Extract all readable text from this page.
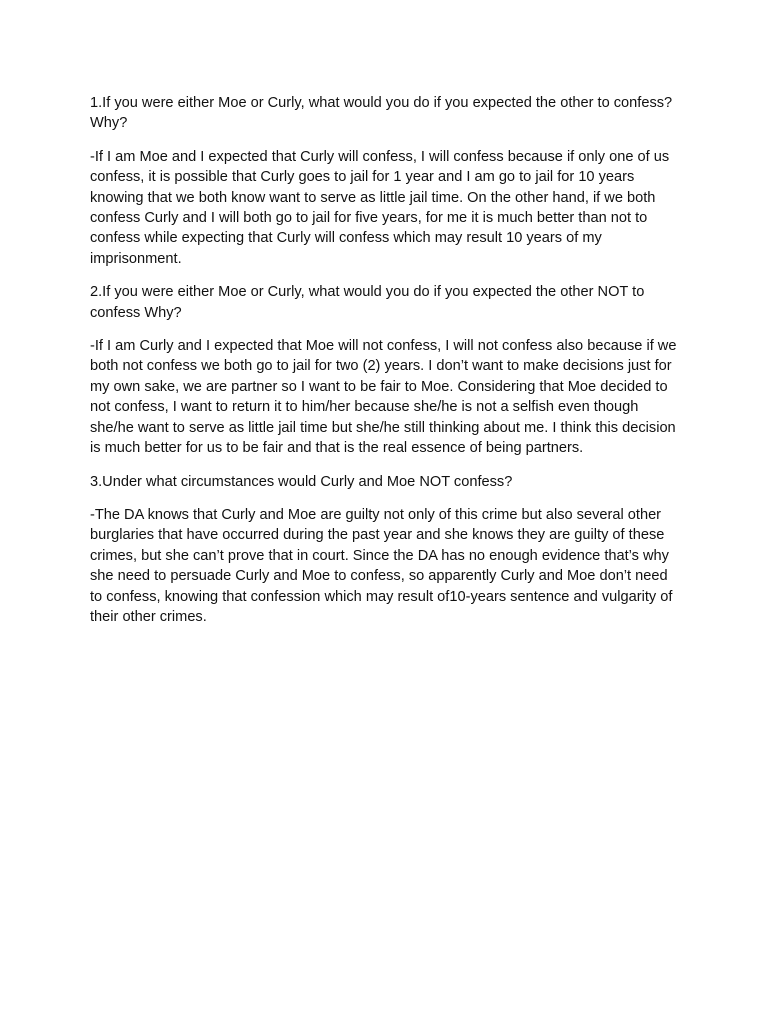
1.If you were either Moe or Curly, what would you do if you expected the other to confess? Why?

-If I am Moe and I expected that Curly will confess, I will confess because if only one of us confess, it is possible that Curly goes to jail for 1 year and I am go to jail for 10 years knowing that we both know want to serve as little jail time. On the other hand, if we both confess Curly and I will both go to jail for five years, for me it is much better than not to confess while expecting that Curly will confess which may result 10 years of my imprisonment.

2.If you were either Moe or Curly, what would you do if you expected the other NOT to confess Why?

-If I am Curly and I expected that Moe will not confess, I will not confess also because if we both not confess we both go to jail for two (2) years. I don’t want to make decisions just for my own sake, we are partner so I want to be fair to Moe. Considering that Moe decided to not confess, I want to return it to him/her because she/he is not a selfish even though she/he want to serve as little jail time but she/he still thinking about me. I think this decision is much better for us to be fair and that is the real essence of being partners.

3.Under what circumstances would Curly and Moe NOT confess?

-The DA knows that Curly and Moe are guilty not only of this crime but also several other burglaries that have occurred during the past year and she knows they are guilty of these crimes, but she can’t prove that in court. Since the DA has no enough evidence that’s why she need to persuade Curly and Moe to confess, so apparently Curly and Moe don’t need to confess, knowing that confession which may result of10-years sentence and vulgarity of their other crimes.
